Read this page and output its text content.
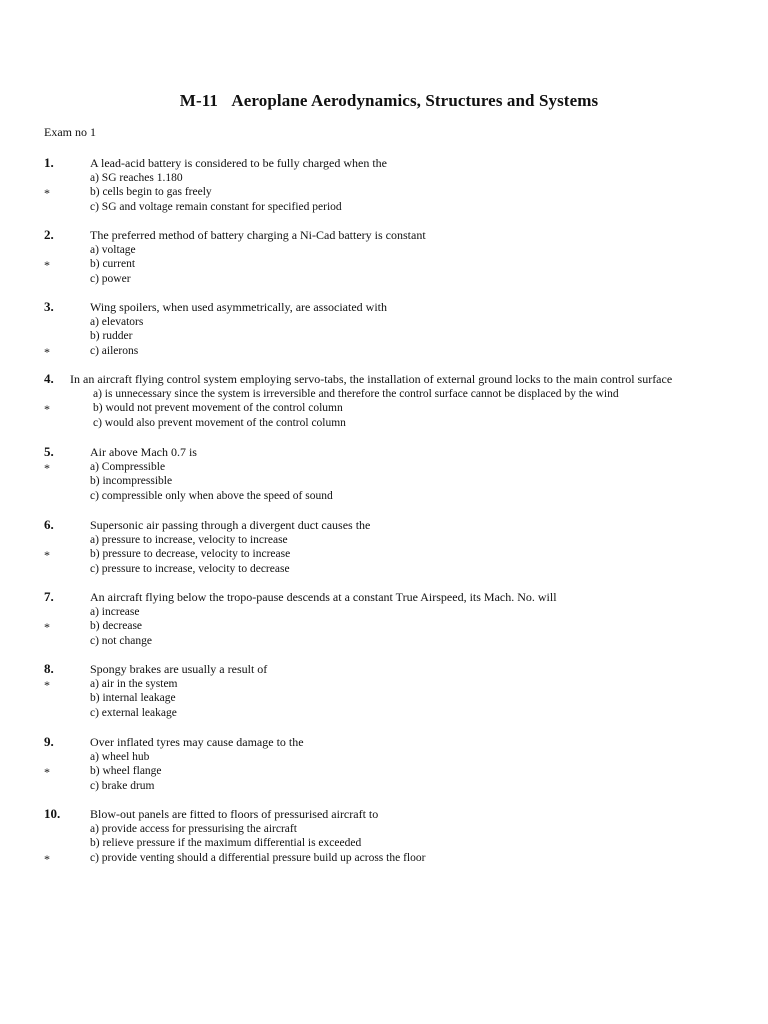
M-11 Aeroplane Aerodynamics, Structures and Systems
Exam no 1
1.	A lead-acid battery is considered to be fully charged when the
a) SG reaches 1.180
b) cells begin to gas freely
*
c) SG and voltage remain constant for specified period
2.	The preferred method of battery charging a Ni-Cad battery is constant
a) voltage
b) current
*
c) power
3.	Wing spoilers, when used asymmetrically, are associated with
a) elevators
b) rudder
c) ailerons
*
4. In an aircraft flying control system employing servo-tabs, the installation of external ground locks to the main control surface
a) is unnecessary since the system is irreversible and therefore the control surface cannot be displaced by the wind
b) would not prevent movement of the control column
*
c) would also prevent movement of the control column
5.	Air above Mach 0.7 is
a) Compressible
*
b) incompressible
c) compressible only when above the speed of sound
6.	Supersonic air passing through a divergent duct causes the
a) pressure to increase, velocity to increase
b) pressure to decrease, velocity to increase
*
c) pressure to increase, velocity to decrease
7.	An aircraft flying below the tropo-pause descends at a constant True Airspeed, its Mach. No. will
a) increase
b) decrease
*
c) not change
8.	Spongy brakes are usually a result of
a) air in the system
*
b) internal leakage
c) external leakage
9.	Over inflated tyres may cause damage to the
a) wheel hub
b) wheel flange
*
c) brake drum
10. Blow-out panels are fitted to floors of pressurised aircraft to
a) provide access for pressurising the aircraft
b) relieve pressure if the maximum differential is exceeded
c) provide venting should a differential pressure build up across the floor
*
